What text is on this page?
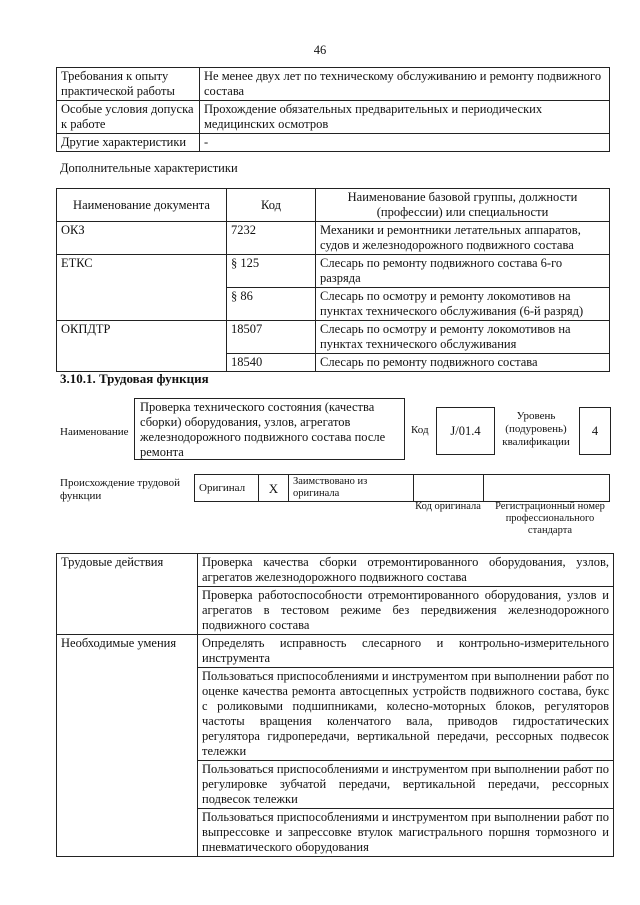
46
Требования к опыту практической работы	Не менее двух лет по техническому обслуживанию и ремонту подвижного состава
Особые условия допуска к работе	Прохождение обязательных предварительных и периодических медицинских осмотров
Другие характеристики	-
Дополнительные характеристики
Наименование документа	Код	Наименование базовой группы, должности (профессии) или специальности
ОКЗ	7232	Механики и ремонтники летательных аппаратов, судов и железнодорожного подвижного состава
ЕТКС	§ 125	Слесарь по ремонту подвижного состава 6-го разряда
	§ 86	Слесарь по осмотру и ремонту локомотивов на пунктах технического обслуживания (6-й разряд)
ОКПДТР	18507	Слесарь по осмотру и ремонту локомотивов на пунктах технического обслуживания
	18540	Слесарь по ремонту подвижного состава
3.10.1. Трудовая функция
Наименование
Проверка технического состояния (качества сборки) оборудования, узлов, агрегатов железнодорожного подвижного состава после ремонта
Код	J/01.4
Уровень (подуровень) квалификации
4
Происхождение трудовой функции
Оригинал	X	Заимствовано из оригинала		
Код оригинала	Регистрационный номер профессионального стандарта
Трудовые действия	Проверка качества сборки отремонтированного оборудования, узлов, агрегатов железнодорожного подвижного состава
	Проверка работоспособности отремонтированного оборудования, узлов и агрегатов в тестовом режиме без передвижения железнодорожного подвижного состава
Необходимые умения	Определять исправность слесарного и контрольно-измерительного инструмента
	Пользоваться приспособлениями и инструментом при выполнении работ по оценке качества ремонта автосцепных устройств подвижного состава, букс с роликовыми подшипниками, колесно-моторных блоков, регуляторов частоты вращения коленчатого вала, приводов гидростатических регулятора гидропередачи, вертикальной передачи, рессорных подвесок тележки
	Пользоваться приспособлениями и инструментом при выполнении работ по регулировке зубчатой передачи, вертикальной передачи, рессорных подвесок тележки
	Пользоваться приспособлениями и инструментом при выполнении работ по выпрессовке и запрессовке втулок магистрального поршня тормозного и пневматического оборудования
